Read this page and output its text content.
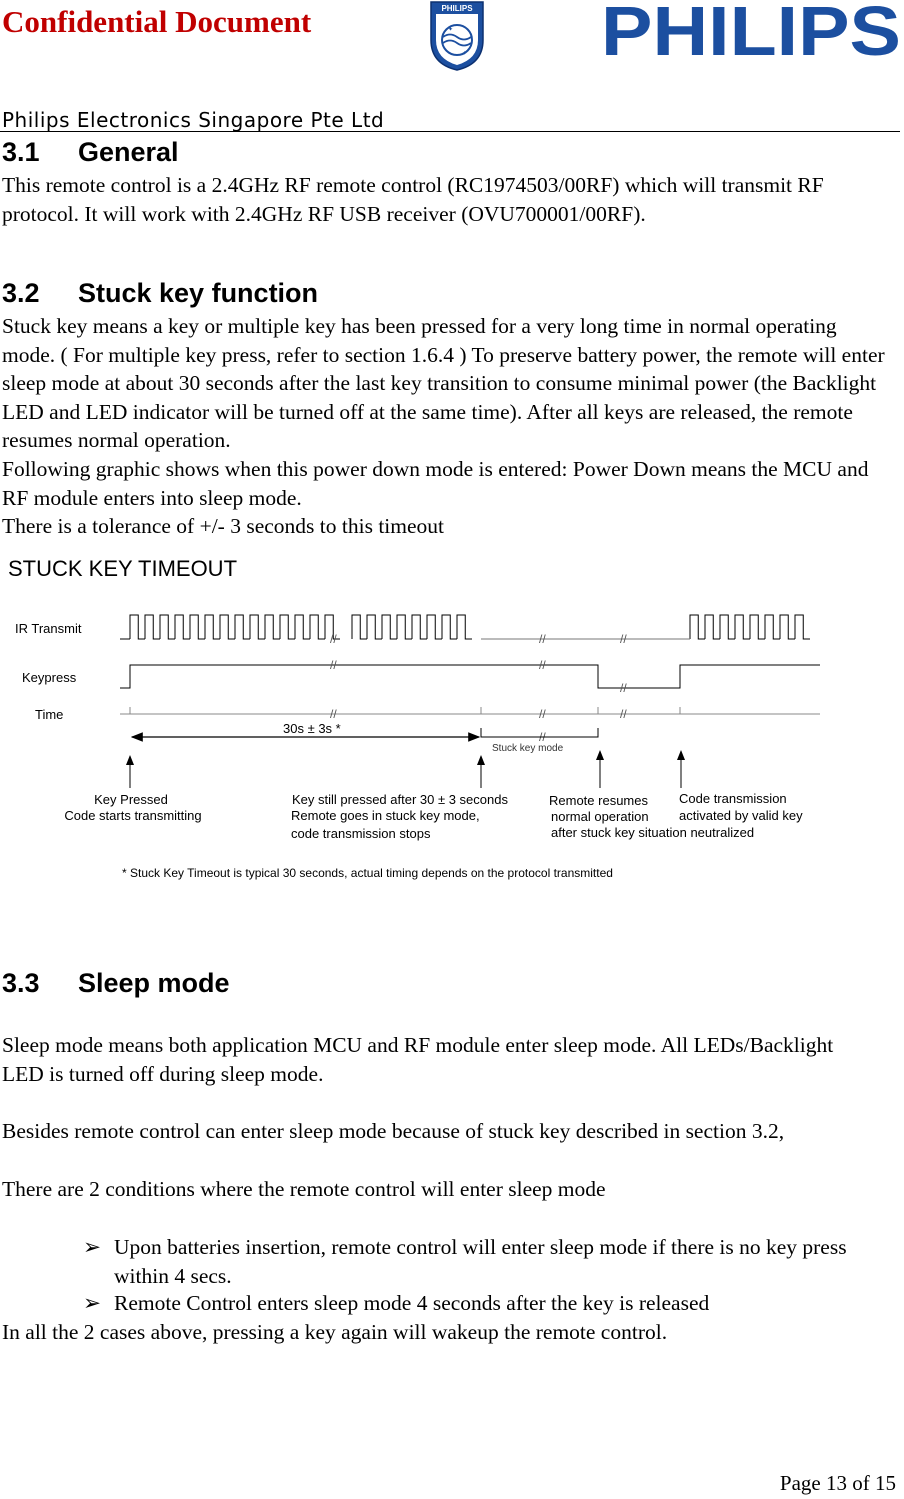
Confidential Document	PHILIPS
✦
✦ PHILIPS
Philips Electronics Singapore Pte Ltd
3.1 General
This remote control is a 2.4GHz RF remote control (RC1974503/00RF) which will transmit RF protocol. It will work with 2.4GHz RF USB receiver (OVU700001/00RF).
3.2 Stuck key function
Stuck key means a key or multiple key has been pressed for a very long time in normal operating mode. ( For multiple key press, refer to section 1.6.4 ) To preserve battery power, the remote will enter sleep mode at about 30 seconds after the last key transition to consume minimal power (the Backlight LED and LED indicator will be turned off at the same time). After all keys are released, the remote resumes normal operation.
Following graphic shows when this power down mode is entered: Power Down means the MCU and RF module enters into sleep mode.
There is a tolerance of +/- 3 seconds to this timeout
STUCK KEY TIMEOUT
IR Transmit
Keypress
Time
//	//	//
//	//
//
//	//	//
//
30s ± 3s *
Stuck key mode
Key Pressed
Code starts transmitting
Key still pressed after 30 ± 3 seconds
Remote goes in stuck key mode,
code transmission stops
Remote resumes
normal operation
Code transmission
activated by valid key
after stuck key situation neutralized
* Stuck Key Timeout is typical 30 seconds, actual timing depends on the protocol transmitted
3.3 Sleep mode
Sleep mode means both application MCU and RF module enter sleep mode. All LEDs/Backlight LED is turned off during sleep mode.
Besides remote control can enter sleep mode because of stuck key described in section 3.2,
There are 2 conditions where the remote control will enter sleep mode
➢ Upon batteries insertion, remote control will enter sleep mode if there is no key press within 4 secs.
➢ Remote Control enters sleep mode 4 seconds after the key is released
In all the 2 cases above, pressing a key again will wakeup the remote control.
Page 13 of 15
